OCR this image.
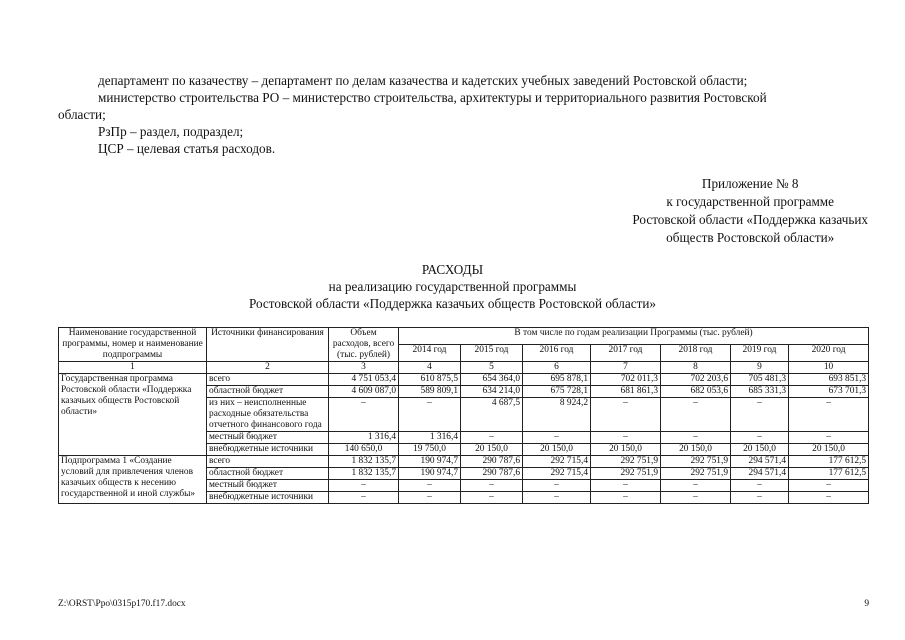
департамент по казачеству – департамент по делам казачества и кадетских учебных заведений Ростовской области;
министерство строительства РО – министерство строительства, архитектуры и территориального развития Ростовской
области;
РзПр – раздел, подраздел;
ЦСР – целевая статья расходов.
Приложение № 8
к государственной программе
Ростовской области «Поддержка казачьих
обществ Ростовской области»
РАСХОДЫ
на реализацию государственной программы
Ростовской области «Поддержка казачьих обществ Ростовской области»
Наименование государственной программы, номер и наименование подпрограммы	Источники финансирования	Объем расходов, всего (тыс. рублей)	В том числе по годам реализации Программы (тыс. рублей)						
			2014 год	2015 год	2016 год	2017 год	2018 год	2019 год	2020 год
1	2	3	4	5	6	7	8	9	10
Государственная программа Ростовской области «Поддержка казачьих обществ Ростовской области»	всего	4 751 053,4	610 875,5	654 364,0	695 878,1	702 011,3	702 203,6	705 481,3	693 851,3
	областной бюджет	4 609 087,0	589 809,1	634 214,0	675 728,1	681 861,3	682 053,6	685 331,3	673 701,3
	из них – неисполненные расходные обязательства отчетного финансового года	–	–	4 687,5	8 924,2	–	–	–	–
	местный бюджет	1 316,4	1 316,4	–	–	–	–	–	–
	внебюджетные источники	140 650,0	19 750,0	20 150,0	20 150,0	20 150,0	20 150,0	20 150,0	20 150,0
Подпрограмма 1 «Создание условий для привлечения членов казачьих обществ к несению государственной и иной службы»	всего	1 832 135,7	190 974,7	290 787,6	292 715,4	292 751,9	292 751,9	294 571,4	177 612,5
	областной бюджет	1 832 135,7	190 974,7	290 787,6	292 715,4	292 751,9	292 751,9	294 571,4	177 612,5
	местный бюджет	–	–	–	–	–	–	–	–
	внебюджетные источники	–	–	–	–	–	–	–	–
Z:\ORST\Ppo\0315p170.f17.docx	9
